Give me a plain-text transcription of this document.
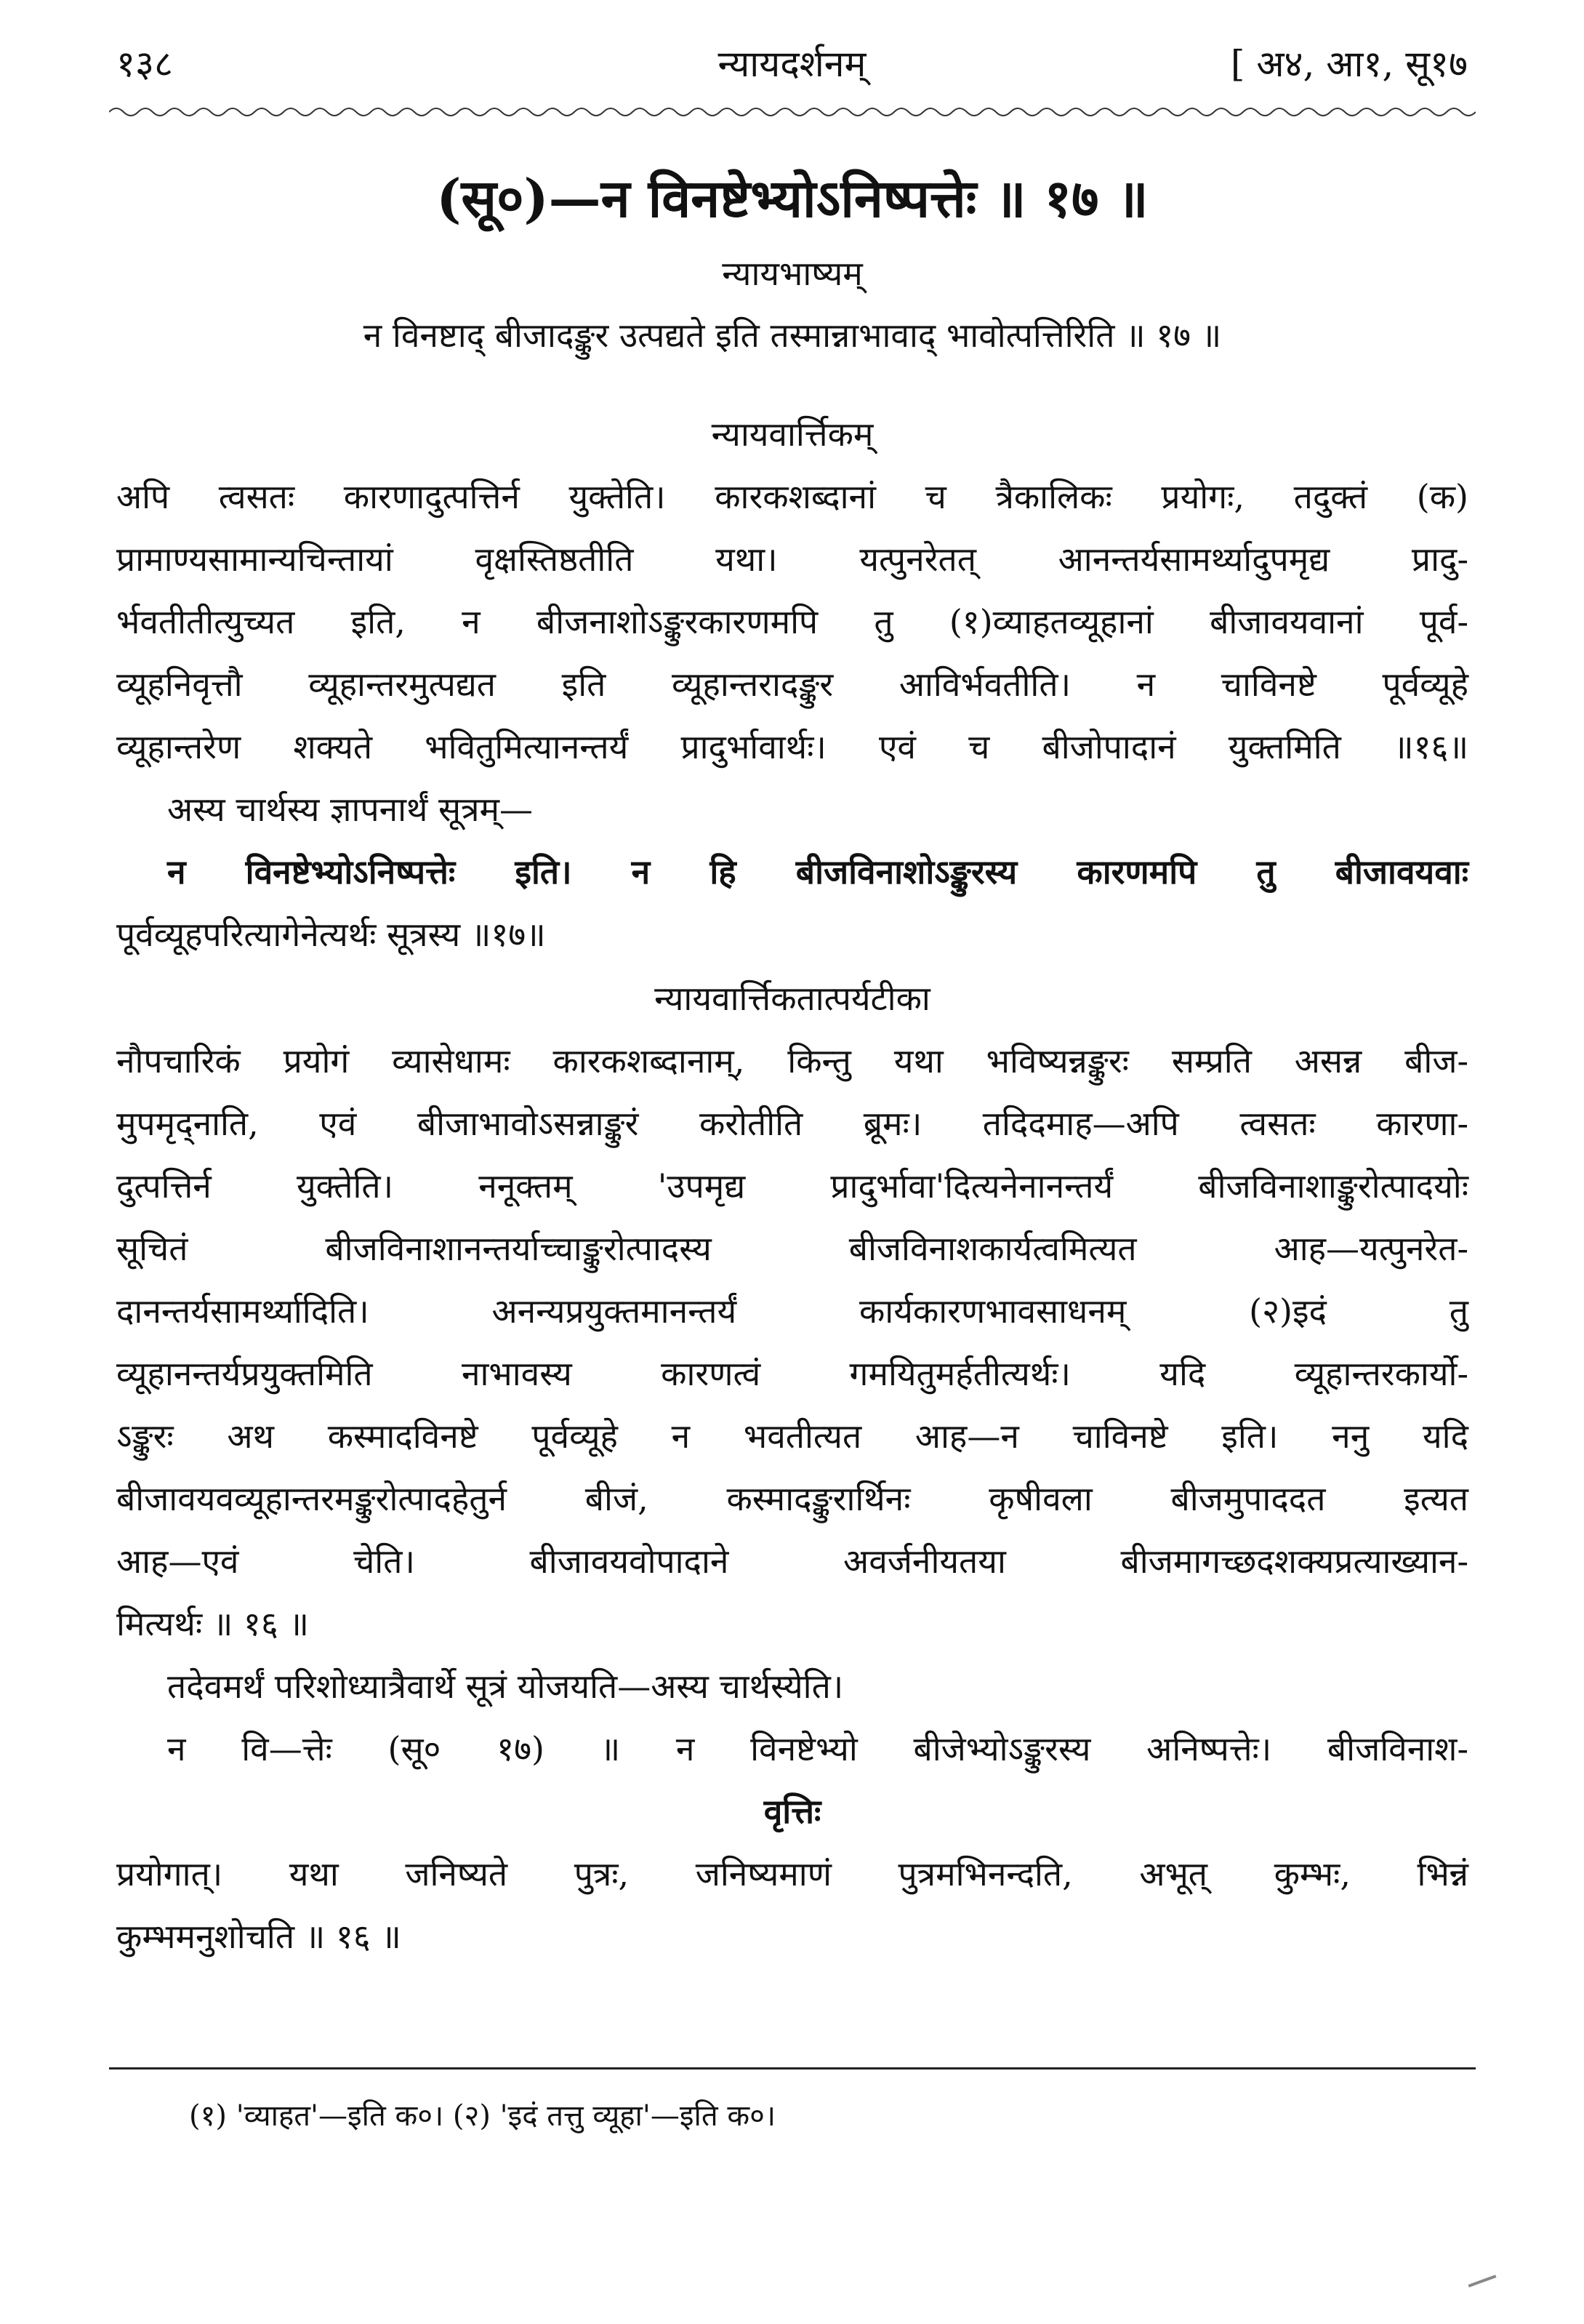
१३८	न्यायदर्शनम्	[ अ४, आ१, सू१७
(सू०)—न विनष्टेभ्योऽनिष्पत्तेः ॥ १७ ॥
न्यायभाष्यम्
न विनष्टाद् बीजादङ्कुर उत्पद्यते इति तस्मान्नाभावाद् भावोत्पत्तिरिति ॥ १७ ॥
न्यायवार्त्तिकम्
अपि त्वसतः कारणादुत्पत्तिर्न युक्तेति। कारकशब्दानां च त्रैकालिकः प्रयोगः, तदुक्तं (क)
प्रामाण्यसामान्यचिन्तायां वृक्षस्तिष्ठतीति यथा। यत्पुनरेतत् आनन्तर्यसामर्थ्यादुपमृद्य प्रादु-
र्भवतीतीत्युच्यत इति, न बीजनाशोऽङ्कुरकारणमपि तु (१)व्याहतव्यूहानां बीजावयवानां पूर्व-
व्यूहनिवृत्तौ व्यूहान्तरमुत्पद्यत इति व्यूहान्तरादङ्कुर आविर्भवतीति। न चाविनष्टे पूर्वव्यूहे
व्यूहान्तरेण शक्यते भवितुमित्यानन्तर्यं प्रादुर्भावार्थः। एवं च बीजोपादानं युक्तमिति ॥१६॥
अस्य चार्थस्य ज्ञापनार्थं सूत्रम्—
न विनष्टेभ्योऽनिष्पत्तेः इति। न हि बीजविनाशोऽङ्कुरस्य कारणमपि तु बीजावयवाः
पूर्वव्यूहपरित्यागेनेत्यर्थः सूत्रस्य ॥१७॥
न्यायवार्त्तिकतात्पर्यटीका
नौपचारिकं प्रयोगं व्यासेधामः कारकशब्दानाम्, किन्तु यथा भविष्यन्नङ्कुरः सम्प्रति असन्न बीज-
मुपमृद्नाति, एवं बीजाभावोऽसन्नाङ्कुरं करोतीति ब्रूमः। तदिदमाह—अपि त्वसतः कारणा-
दुत्पत्तिर्न युक्तेति। ननूक्तम् 'उपमृद्य प्रादुर्भावा'दित्यनेनानन्तर्यं बीजविनाशाङ्कुरोत्पादयोः
सूचितं बीजविनाशानन्तर्याच्चाङ्कुरोत्पादस्य बीजविनाशकार्यत्वमित्यत आह—यत्पुनरेत-
दानन्तर्यसामर्थ्यादिति। अनन्यप्रयुक्तमानन्तर्यं कार्यकारणभावसाधनम् (२)इदं तु
व्यूहानन्तर्यप्रयुक्तमिति नाभावस्य कारणत्वं गमयितुमर्हतीत्यर्थः। यदि व्यूहान्तरकार्यो-
ऽङ्कुरः अथ कस्मादविनष्टे पूर्वव्यूहे न भवतीत्यत आह—न चाविनष्टे इति। ननु यदि
बीजावयवव्यूहान्तरमङ्कुरोत्पादहेतुर्न बीजं, कस्मादङ्कुरार्थिनः कृषीवला बीजमुपाददत इत्यत
आह—एवं चेति। बीजावयवोपादाने अवर्जनीयतया बीजमागच्छदशक्यप्रत्याख्यान-
मित्यर्थः ॥ १६ ॥
तदेवमर्थं परिशोध्यात्रैवार्थे सूत्रं योजयति—अस्य चार्थस्येति।
न वि—त्तेः (सू० १७) ॥ न विनष्टेभ्यो बीजेभ्योऽङ्कुरस्य अनिष्पत्तेः। बीजविनाश-
वृत्तिः
प्रयोगात्। यथा जनिष्यते पुत्रः, जनिष्यमाणं पुत्रमभिनन्दति, अभूत् कुम्भः, भिन्नं
कुम्भमनुशोचति ॥ १६ ॥
(१) 'व्याहत'—इति क०। (२) 'इदं तत्तु व्यूहा'—इति क०।
